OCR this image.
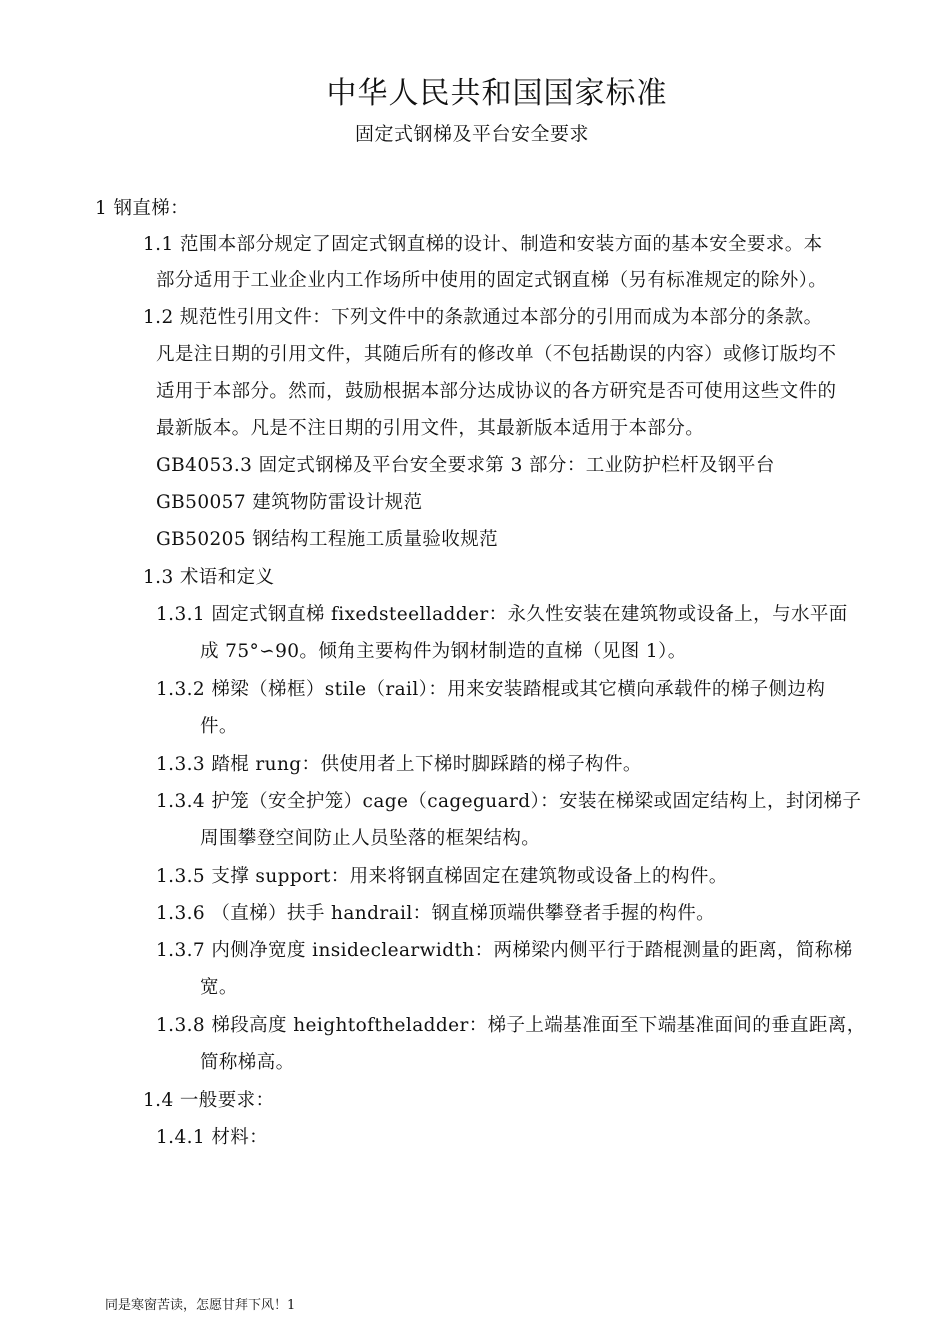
中华人民共和国国家标准
固定式钢梯及平台安全要求
1 钢直梯：
1.1 范围本部分规定了固定式钢直梯的设计、制造和安装方面的基本安全要求。本
部分适用于工业企业内工作场所中使用的固定式钢直梯（另有标准规定的除外）。
1.2 规范性引用文件：下列文件中的条款通过本部分的引用而成为本部分的条款。
凡是注日期的引用文件，其随后所有的修改单（不包括勘误的内容）或修订版均不
适用于本部分。然而，鼓励根据本部分达成协议的各方研究是否可使用这些文件的
最新版本。凡是不注日期的引用文件，其最新版本适用于本部分。
GB4053.3 固定式钢梯及平台安全要求第 3 部分：工业防护栏杆及钢平台
GB50057 建筑物防雷设计规范
GB50205 钢结构工程施工质量验收规范
1.3 术语和定义
1.3.1 固定式钢直梯 fixedsteelladder：永久性安装在建筑物或设备上，与水平面
成 75°∽90。倾角主要构件为钢材制造的直梯（见图 1）。
1.3.2 梯梁（梯框）stile（rail）：用来安装踏棍或其它横向承载件的梯子侧边构
件。
1.3.3 踏棍 rung：供使用者上下梯时脚踩踏的梯子构件。
1.3.4 护笼（安全护笼）cage（cageguard）：安装在梯梁或固定结构上，封闭梯子
周围攀登空间防止人员坠落的框架结构。
1.3.5 支撑 support：用来将钢直梯固定在建筑物或设备上的构件。
1.3.6 （直梯）扶手 handrail：钢直梯顶端供攀登者手握的构件。
1.3.7 内侧净宽度 insideclearwidth：两梯梁内侧平行于踏棍测量的距离，简称梯
宽。
1.3.8 梯段高度 heightoftheladder：梯子上端基准面至下端基准面间的垂直距离，
简称梯高。
1.4 一般要求：
1.4.1 材料：
同是寒窗苦读，怎愿甘拜下风！1
